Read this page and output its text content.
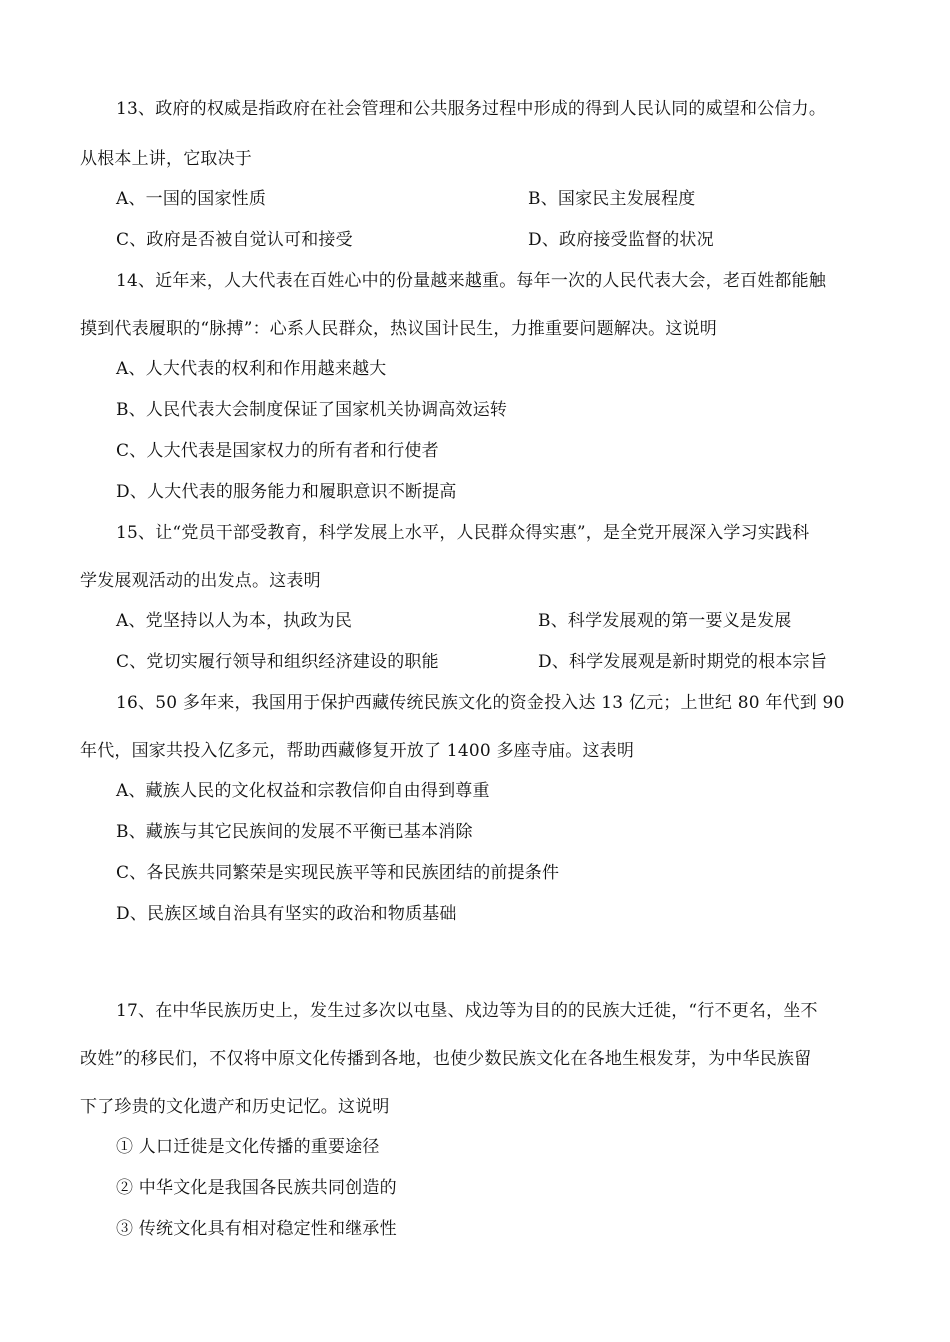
13、政府的权威是指政府在社会管理和公共服务过程中形成的得到人民认同的威望和公信力。
从根本上讲，它取决于
A、一国的国家性质	B、国家民主发展程度
C、政府是否被自觉认可和接受	D、政府接受监督的状况
14、近年来，人大代表在百姓心中的份量越来越重。每年一次的人民代表大会，老百姓都能触
摸到代表履职的“脉搏”：心系人民群众，热议国计民生，力推重要问题解决。这说明
A、人大代表的权利和作用越来越大
B、人民代表大会制度保证了国家机关协调高效运转
C、人大代表是国家权力的所有者和行使者
D、人大代表的服务能力和履职意识不断提高
15、让“党员干部受教育，科学发展上水平，人民群众得实惠”，是全党开展深入学习实践科
学发展观活动的出发点。这表明
A、党坚持以人为本，执政为民	B、科学发展观的第一要义是发展
C、党切实履行领导和组织经济建设的职能	D、科学发展观是新时期党的根本宗旨
16、50 多年来，我国用于保护西藏传统民族文化的资金投入达 13 亿元；上世纪 80 年代到 90
年代，国家共投入亿多元，帮助西藏修复开放了 1400 多座寺庙。这表明
A、藏族人民的文化权益和宗教信仰自由得到尊重
B、藏族与其它民族间的发展不平衡已基本消除
C、各民族共同繁荣是实现民族平等和民族团结的前提条件
D、民族区域自治具有坚实的政治和物质基础
17、在中华民族历史上，发生过多次以屯垦、戍边等为目的的民族大迁徙，“行不更名，坐不
改姓”的移民们，不仅将中原文化传播到各地，也使少数民族文化在各地生根发芽，为中华民族留
下了珍贵的文化遗产和历史记忆。这说明
① 人口迁徙是文化传播的重要途径
② 中华文化是我国各民族共同创造的
③ 传统文化具有相对稳定性和继承性
